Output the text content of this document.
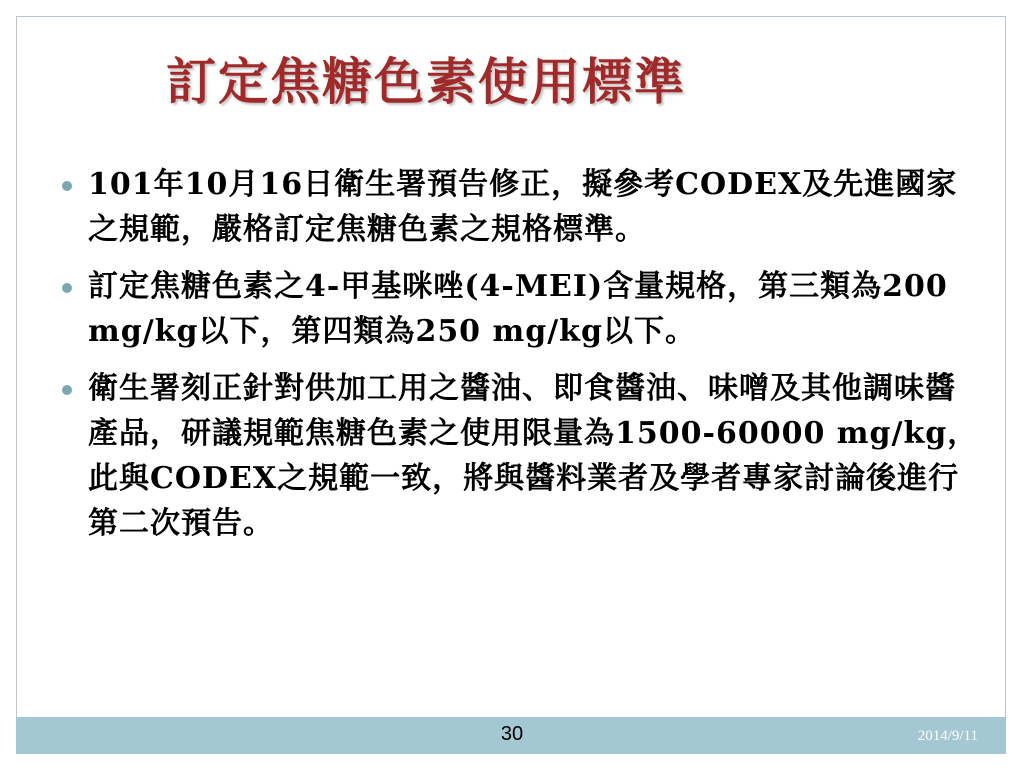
訂定焦糖色素使用標準
101年10月16日衛生署預告修正，擬參考CODEX及先進國家之規範，嚴格訂定焦糖色素之規格標準。
訂定焦糖色素之4-甲基咪唑(4-MEI)含量規格，第三類為200 mg/kg以下，第四類為250 mg/kg以下。
衛生署刻正針對供加工用之醬油、即食醬油、味噌及其他調味醬產品，研議規範焦糖色素之使用限量為1500-60000 mg/kg，此與CODEX之規範一致，將與醬料業者及學者專家討論後進行第二次預告。
30	2014/9/11
